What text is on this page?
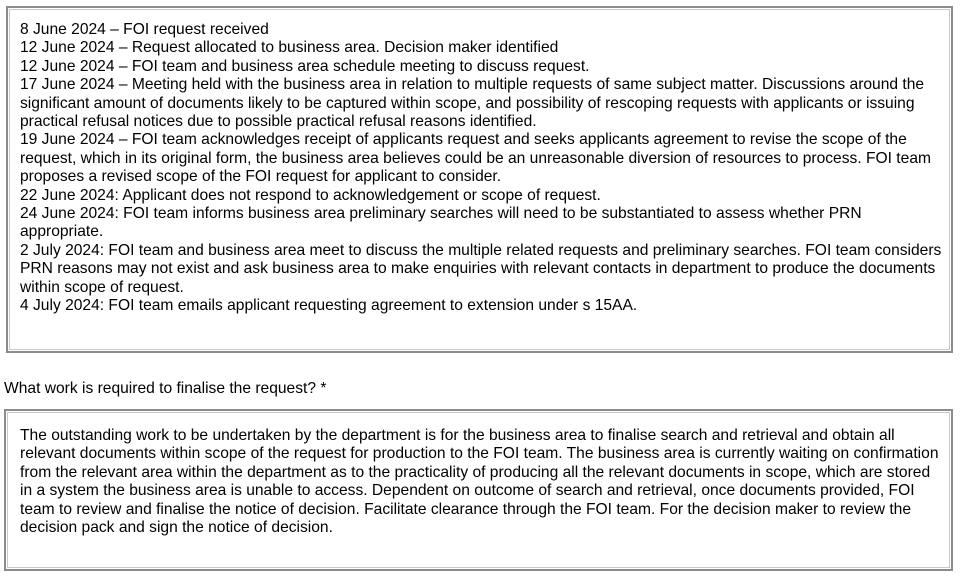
8 June 2024 – FOI request received
12 June 2024 – Request allocated to business area. Decision maker identified
12 June 2024 – FOI team and business area schedule meeting to discuss request.
17 June 2024 – Meeting held with the business area in relation to multiple requests of same subject matter. Discussions around the significant amount of documents likely to be captured within scope, and possibility of rescoping requests with applicants or issuing practical refusal notices due to possible practical refusal reasons identified.
19 June 2024 – FOI team acknowledges receipt of applicants request and seeks applicants agreement to revise the scope of the request, which in its original form, the business area believes could be an unreasonable diversion of resources to process. FOI team proposes a revised scope of the FOI request for applicant to consider.
22 June 2024: Applicant does not respond to acknowledgement or scope of request.
24 June 2024: FOI team informs business area preliminary searches will need to be substantiated to assess whether PRN appropriate.
2 July 2024: FOI team and business area meet to discuss the multiple related requests and preliminary searches. FOI team considers PRN reasons may not exist and ask business area to make enquiries with relevant contacts in department to produce the documents within scope of request.
4 July 2024: FOI team emails applicant requesting agreement to extension under s 15AA.
What work is required to finalise the request? *

The outstanding work to be undertaken by the department is for the business area to finalise search and retrieval and obtain all relevant documents within scope of the request for production to the FOI team. The business area is currently waiting on confirmation from the relevant area within the department as to the practicality of producing all the relevant documents in scope, which are stored in a system the business area is unable to access. Dependent on outcome of search and retrieval, once documents provided, FOI team to review and finalise the notice of decision. Facilitate clearance through the FOI team. For the decision maker to review the decision pack and sign the notice of decision.
